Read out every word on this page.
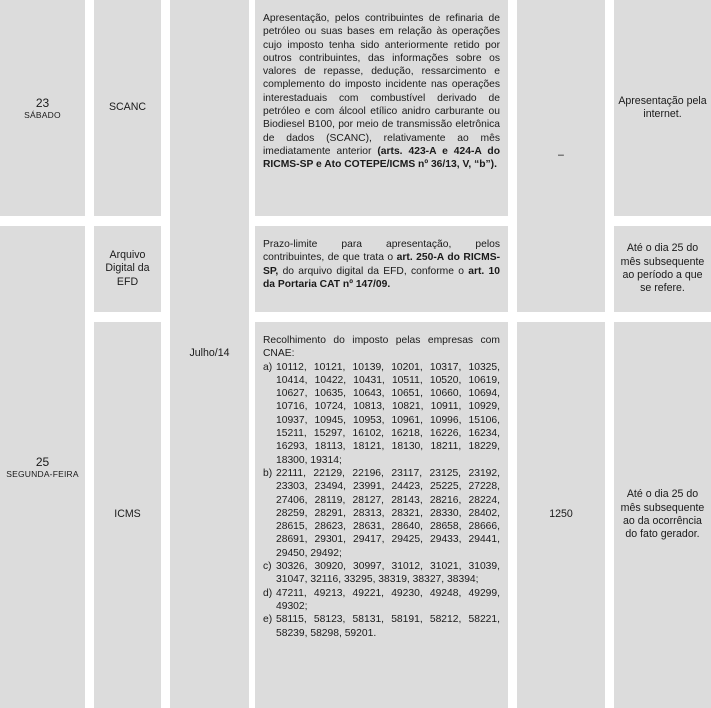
23
SÁBADO
25
SEGUNDA-FEIRA
SCANC
Arquivo Digital da EFD
ICMS
Julho/14
Apresentação, pelos contribuintes de refinaria de petróleo ou suas bases em relação às operações cujo imposto tenha sido anteriormente retido por outros contribuintes, das informações sobre os valores de repasse, dedução, ressarcimento e complemento do imposto incidente nas operações interestaduais com combustível derivado de petróleo e com álcool etílico anidro carburante ou Biodiesel B100, por meio de transmissão eletrônica de dados (SCANC), relativamente ao mês imediatamente anterior (arts. 423-A e 424-A do RICMS-SP e Ato COTEPE/ICMS nº 36/13, V, “b”).
Prazo-limite para apresentação, pelos contribuintes, de que trata o art. 250-A do RICMS-SP, do arquivo digital da EFD, conforme o art. 10 da Portaria CAT nº 147/09.
Recolhimento do imposto pelas empresas com CNAE:
a) 10112, 10121, 10139, 10201, 10317, 10325, 10414, 10422, 10431, 10511, 10520, 10619, 10627, 10635, 10643, 10651, 10660, 10694, 10716, 10724, 10813, 10821, 10911, 10929, 10937, 10945, 10953, 10961, 10996, 15106, 15211, 15297, 16102, 16218, 16226, 16234, 16293, 18113, 18121, 18130, 18211, 18229, 18300, 19314;
b) 22111, 22129, 22196, 23117, 23125, 23192, 23303, 23494, 23991, 24423, 25225, 27228, 27406, 28119, 28127, 28143, 28216, 28224, 28259, 28291, 28313, 28321, 28330, 28402, 28615, 28623, 28631, 28640, 28658, 28666, 28691, 29301, 29417, 29425, 29433, 29441, 29450, 29492;
c) 30326, 30920, 30997, 31012, 31021, 31039, 31047, 32116, 33295, 38319, 38327, 38394;
d) 47211, 49213, 49221, 49230, 49248, 49299, 49302;
e) 58115, 58123, 58131, 58191, 58212, 58221, 58239, 58298, 59201.
–
1250
Apresentação pela internet.
Até o dia 25 do mês subsequente ao período a que se refere.
Até o dia 25 do mês subsequente ao da ocorrência do fato gerador.
